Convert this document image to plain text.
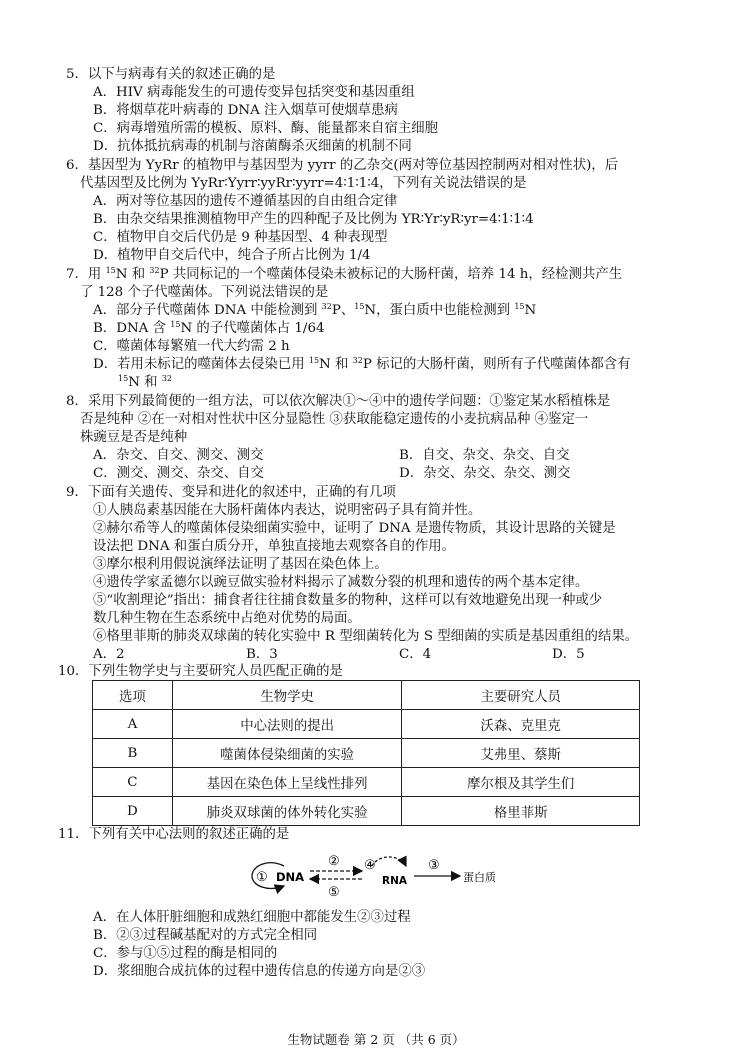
5．以下与病毒有关的叙述正确的是
A．HIV 病毒能发生的可遗传变异包括突变和基因重组
B．将烟草花叶病毒的 DNA 注入烟草可使烟草患病
C．病毒增殖所需的模板、原料、酶、能量都来自宿主细胞
D．抗体抵抗病毒的机制与溶菌酶杀灭细菌的机制不同
6．基因型为 YyRr 的植物甲与基因型为 yyrr 的乙杂交(两对等位基因控制两对相对性状)，后
代基因型及比例为 YyRr∶Yyrr∶yyRr∶yyrr=4∶1∶1∶4，下列有关说法错误的是
A．两对等位基因的遗传不遵循基因的自由组合定律
B．由杂交结果推测植物甲产生的四种配子及比例为 YR∶Yr∶yR∶yr=4∶1∶1∶4
C．植物甲自交后代仍是 9 种基因型、4 种表现型
D．植物甲自交后代中，纯合子所占比例为 1/4
7．用 $^{15}$N 和 $^{32}$P 共同标记的一个噬菌体侵染未被标记的大肠杆菌，培养 14 h，经检测共产生
了 128 个子代噬菌体。下列说法错误的是
A．部分子代噬菌体 DNA 中能检测到 $^{32}$P、$^{15}$N，蛋白质中也能检测到 $^{15}$N
B．DNA 含 $^{15}$N 的子代噬菌体占 1/64
C．噬菌体每繁殖一代大约需 2 h
D．若用未标记的噬菌体去侵染已用 $^{15}$N 和 $^{32}$P 标记的大肠杆菌，则所有子代噬菌体都含有
$^{15}$N 和 $^{32}$
8．采用下列最简便的一组方法，可以依次解决①～④中的遗传学问题：①鉴定某水稻植株是
否是纯种 ②在一对相对性状中区分显隐性 ③获取能稳定遗传的小麦抗病品种 ④鉴定一
株豌豆是否是纯种
A．杂交、自交、测交、测交	B．自交、杂交、杂交、自交
C．测交、测交、杂交、自交	D．杂交、杂交、杂交、测交
9．下面有关遗传、变异和进化的叙述中，正确的有几项
①人胰岛素基因能在大肠杆菌体内表达，说明密码子具有简并性。
②赫尔希等人的噬菌体侵染细菌实验中，证明了 DNA 是遗传物质，其设计思路的关键是
设法把 DNA 和蛋白质分开，单独直接地去观察各自的作用。
③摩尔根利用假说演绎法证明了基因在染色体上。
④遗传学家孟德尔以豌豆做实验材料揭示了减数分裂的机理和遗传的两个基本定律。
⑤“收割理论”指出：捕食者往往捕食数量多的物种，这样可以有效地避免出现一种或少
数几种生物在生态系统中占绝对优势的局面。
⑥格里菲斯的肺炎双球菌的转化实验中 R 型细菌转化为 S 型细菌的实质是基因重组的结果。
A．2	B．3	C．4	D．5
10．下列生物学史与主要研究人员匹配正确的是
选项	生物学史	主要研究人员
A	中心法则的提出	沃森、克里克
B	噬菌体侵染细菌的实验	艾弗里、蔡斯
C	基因在染色体上呈线性排列	摩尔根及其学生们
D	肺炎双球菌的体外转化实验	格里菲斯
11．下列有关中心法则的叙述正确的是
① DNA
②
⑤
④
RNA
③
蛋白质
A．在人体肝脏细胞和成熟红细胞中都能发生②③过程
B．②③过程碱基配对的方式完全相同
C．参与①⑤过程的酶是相同的
D．浆细胞合成抗体的过程中遗传信息的传递方向是②③
生物试题卷 第 2 页 （共 6 页）
